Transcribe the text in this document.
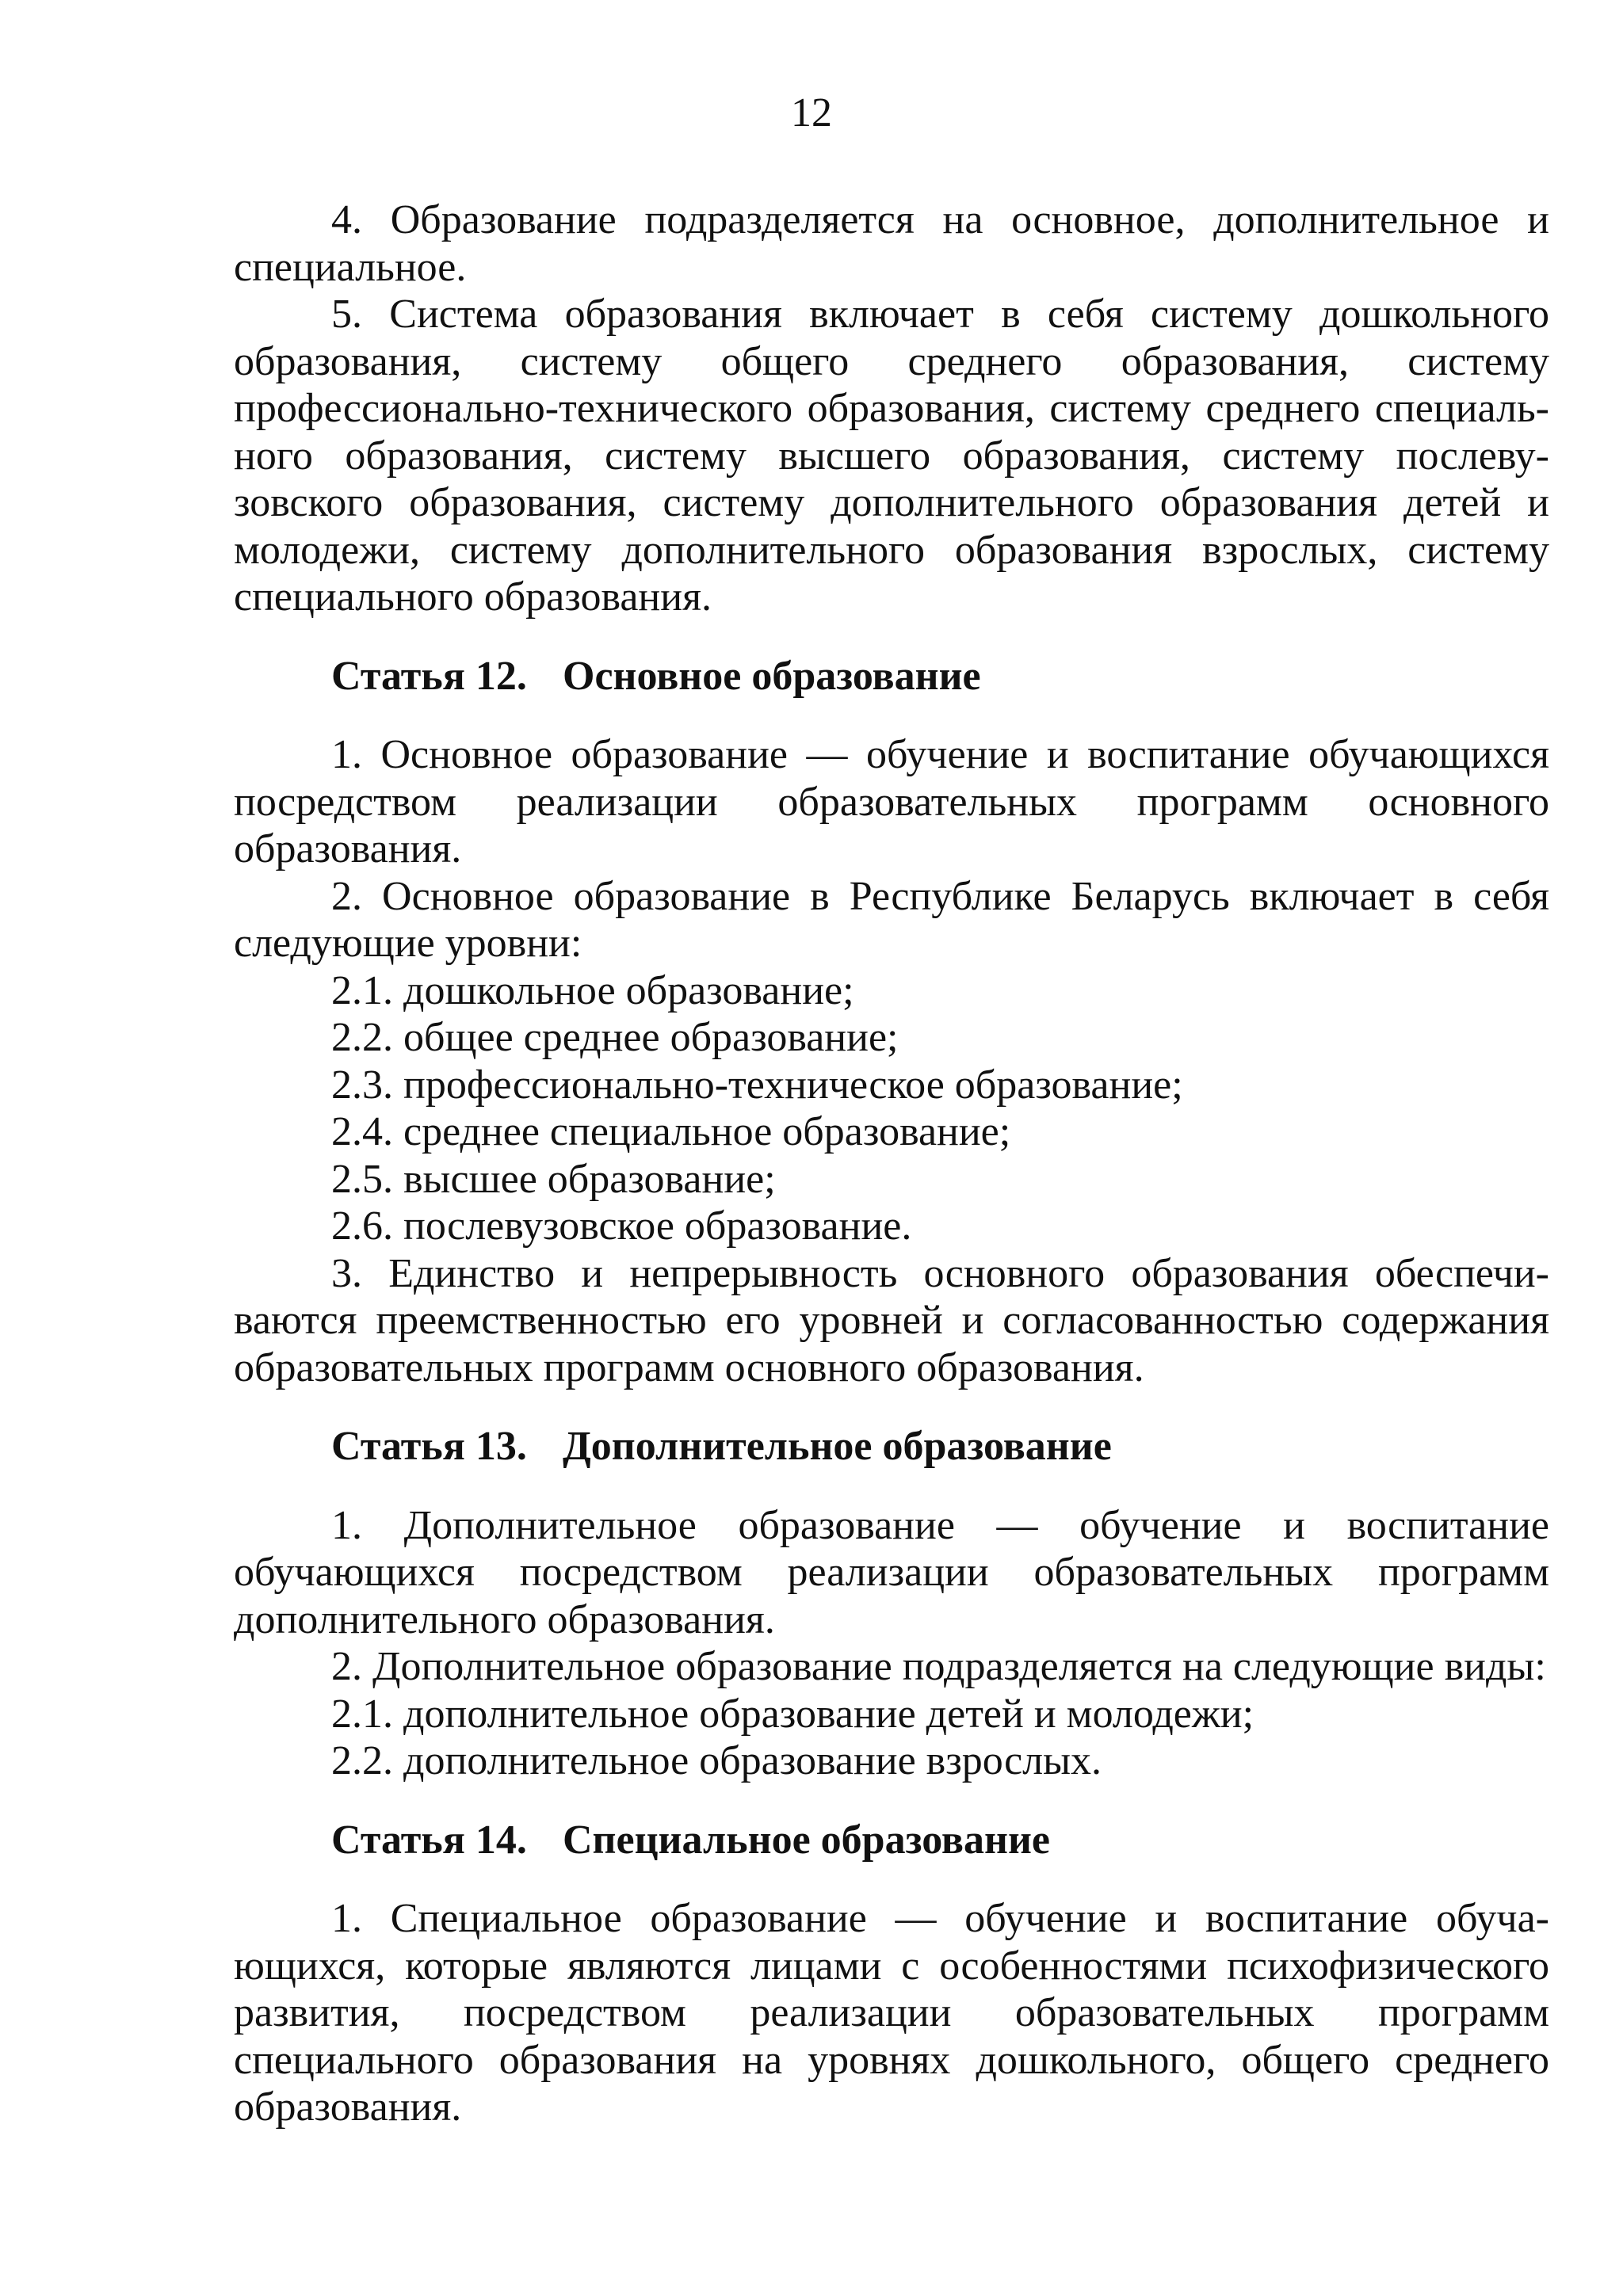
12

4. Образование подразделяется на основное, дополнительное и специальное.

5. Система образования включает в себя систему дошкольного образования, систему общего среднего образования, систему профессионально-технического образования, систему среднего специального образования, систему высшего образования, систему послевузовского образования, систему дополнительного образования детей и молодежи, систему дополнительного образования взрослых, систему специального образования.

Статья 12. Основное образование

1. Основное образование — обучение и воспитание обучающихся посредством реализации образовательных программ основного образования.

2. Основное образование в Республике Беларусь включает в себя следующие уровни:

2.1. дошкольное образование;

2.2. общее среднее образование;

2.3. профессионально-техническое образование;

2.4. среднее специальное образование;

2.5. высшее образование;

2.6. послевузовское образование.

3. Единство и непрерывность основного образования обеспечиваются преемственностью его уровней и согласованностью содержания образовательных программ основного образования.

Статья 13. Дополнительное образование

1. Дополнительное образование — обучение и воспитание обучающихся посредством реализации образовательных программ дополнительного образования.

2. Дополнительное образование подразделяется на следующие виды:

2.1. дополнительное образование детей и молодежи;

2.2. дополнительное образование взрослых.

Статья 14. Специальное образование

1. Специальное образование — обучение и воспитание обучающихся, которые являются лицами с особенностями психофизического развития, посредством реализации образовательных программ специального образования на уровнях дошкольного, общего среднего образования.
